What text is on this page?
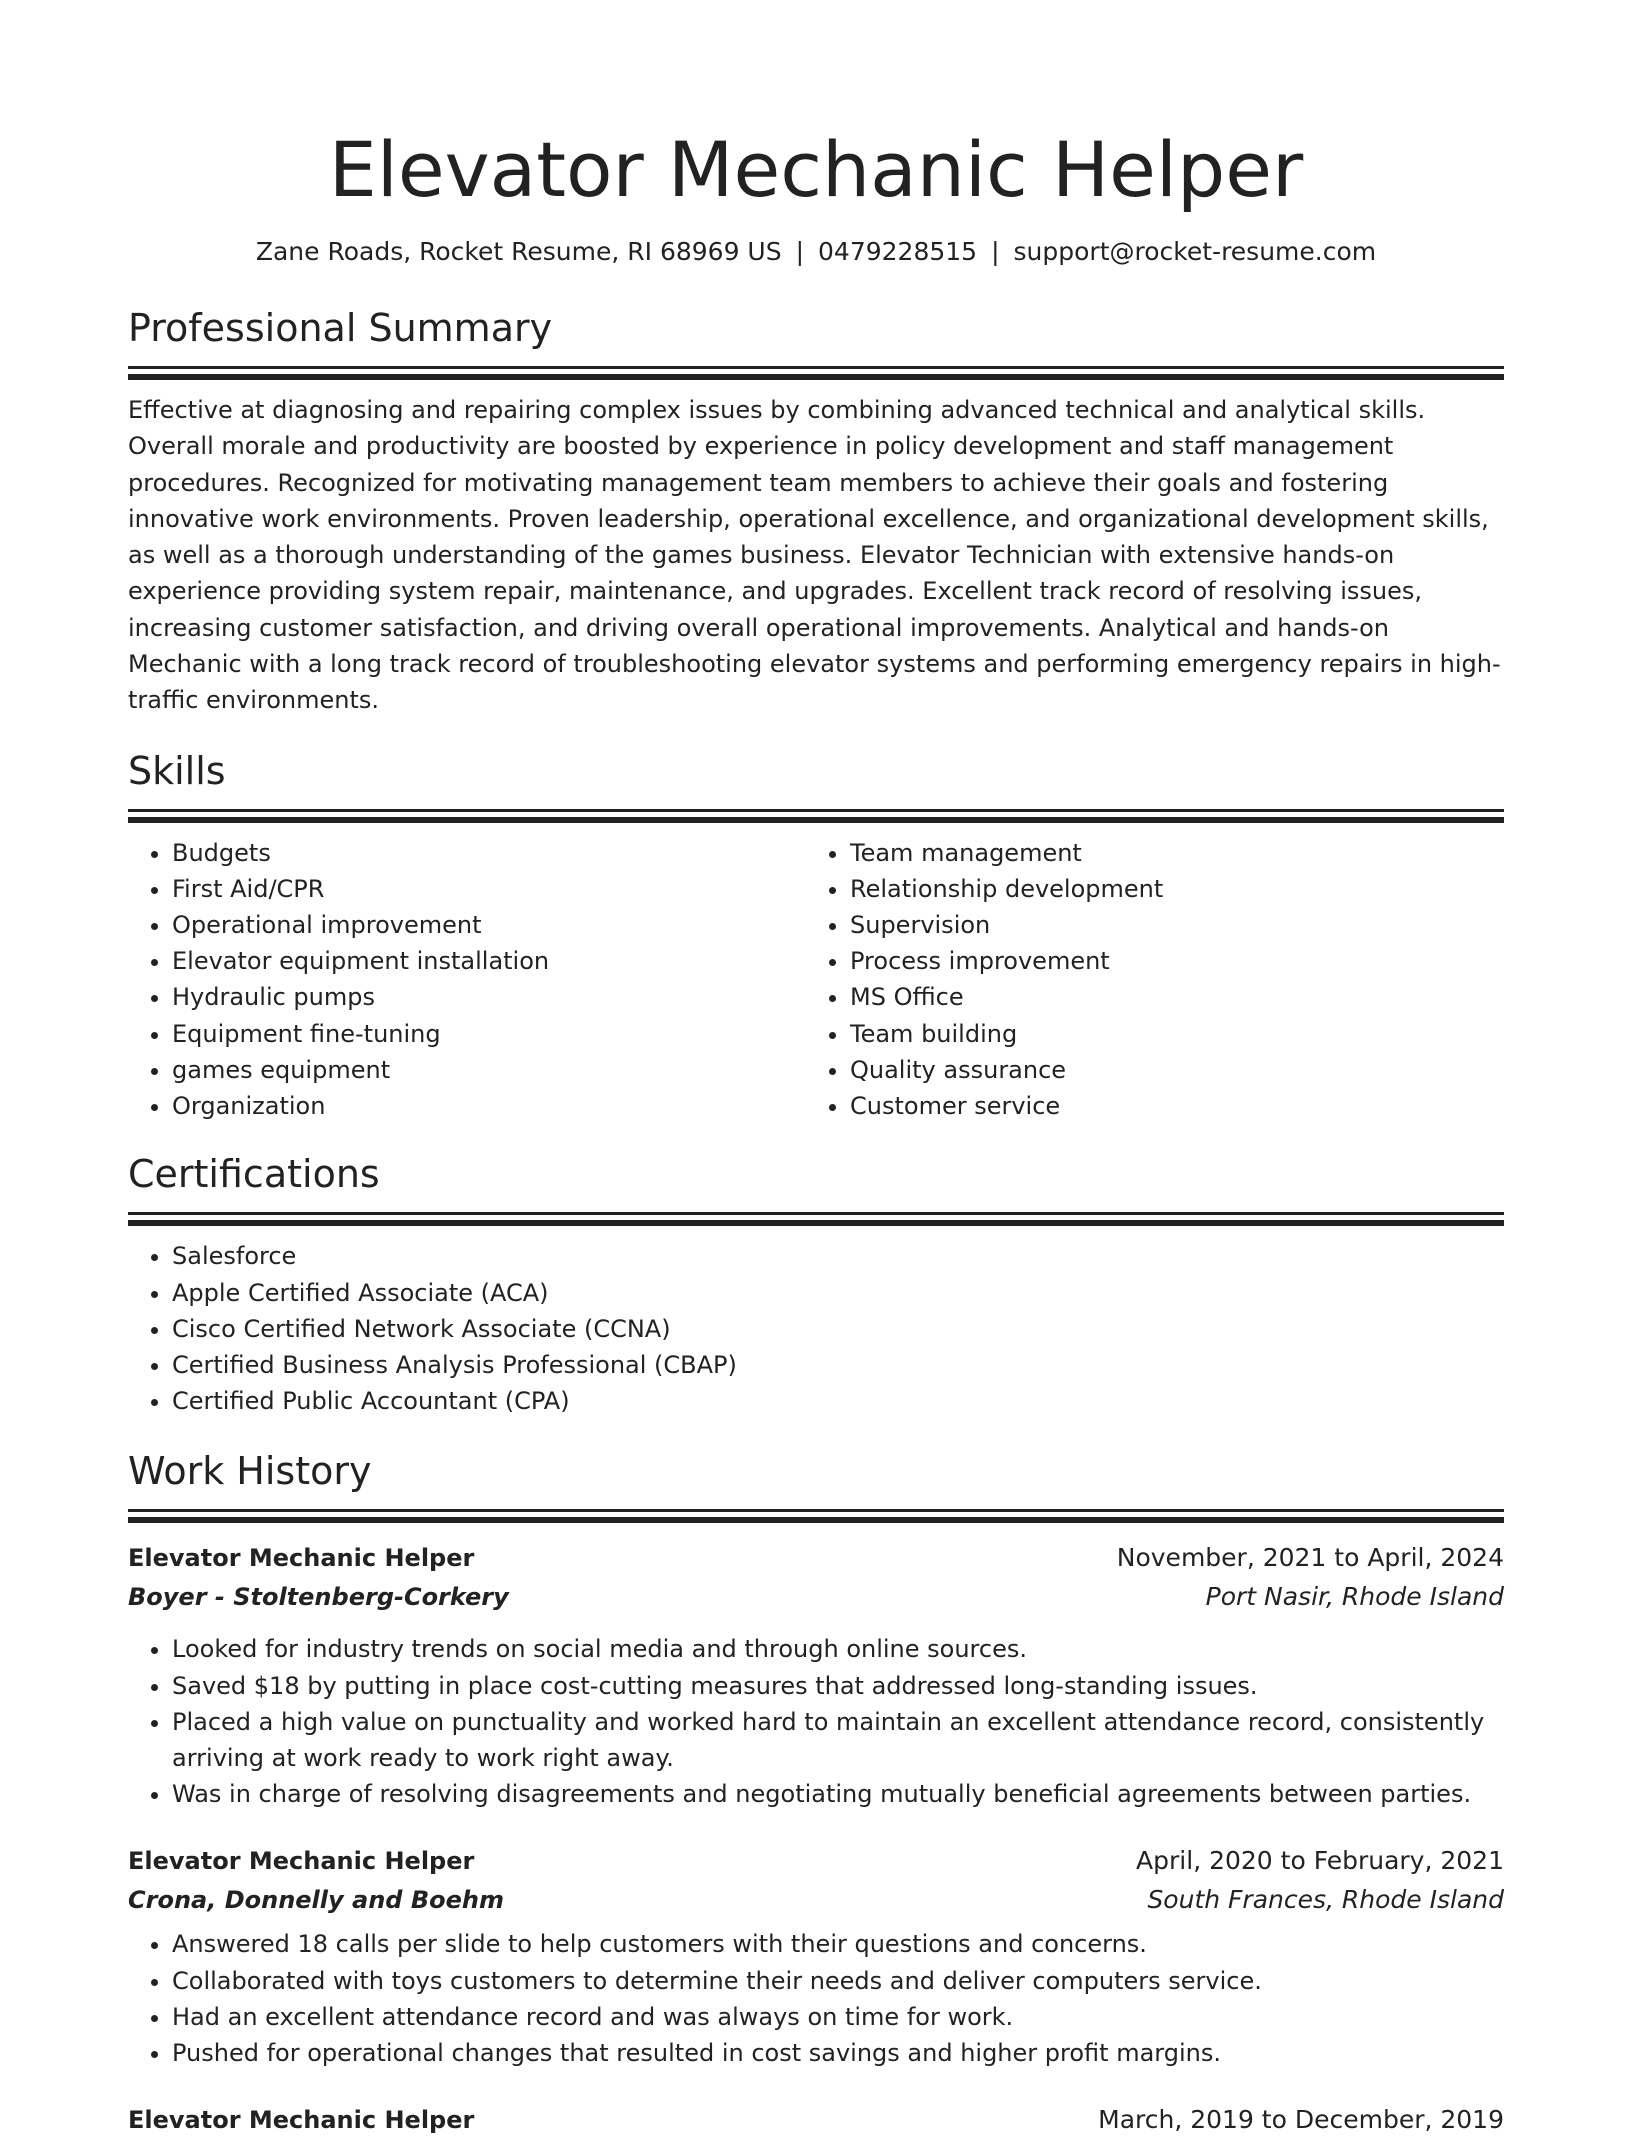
Elevator Mechanic Helper
Zane Roads, Rocket Resume, RI 68969 US | 0479228515 | support@rocket-resume.com
Professional Summary
Effective at diagnosing and repairing complex issues by combining advanced technical and analytical skills. Overall morale and productivity are boosted by experience in policy development and staff management procedures. Recognized for motivating management team members to achieve their goals and fostering innovative work environments. Proven leadership, operational excellence, and organizational development skills, as well as a thorough understanding of the games business. Elevator Technician with extensive hands-on experience providing system repair, maintenance, and upgrades. Excellent track record of resolving issues, increasing customer satisfaction, and driving overall operational improvements. Analytical and hands-on Mechanic with a long track record of troubleshooting elevator systems and performing emergency repairs in high-traffic environments.
Skills
• Budgets
• First Aid/CPR
• Operational improvement
• Elevator equipment installation
• Hydraulic pumps
• Equipment fine-tuning
• games equipment
• Organization
• Team management
• Relationship development
• Supervision
• Process improvement
• MS Office
• Team building
• Quality assurance
• Customer service
Certifications
• Salesforce
• Apple Certified Associate (ACA)
• Cisco Certified Network Associate (CCNA)
• Certified Business Analysis Professional (CBAP)
• Certified Public Accountant (CPA)
Work History
Elevator Mechanic Helper	November, 2021 to April, 2024
Boyer - Stoltenberg-Corkery	Port Nasir, Rhode Island
• Looked for industry trends on social media and through online sources.
• Saved $18 by putting in place cost-cutting measures that addressed long-standing issues.
• Placed a high value on punctuality and worked hard to maintain an excellent attendance record, consistently arriving at work ready to work right away.
• Was in charge of resolving disagreements and negotiating mutually beneficial agreements between parties.
Elevator Mechanic Helper	April, 2020 to February, 2021
Crona, Donnelly and Boehm	South Frances, Rhode Island
• Answered 18 calls per slide to help customers with their questions and concerns.
• Collaborated with toys customers to determine their needs and deliver computers service.
• Had an excellent attendance record and was always on time for work.
• Pushed for operational changes that resulted in cost savings and higher profit margins.
Elevator Mechanic Helper	March, 2019 to December, 2019
